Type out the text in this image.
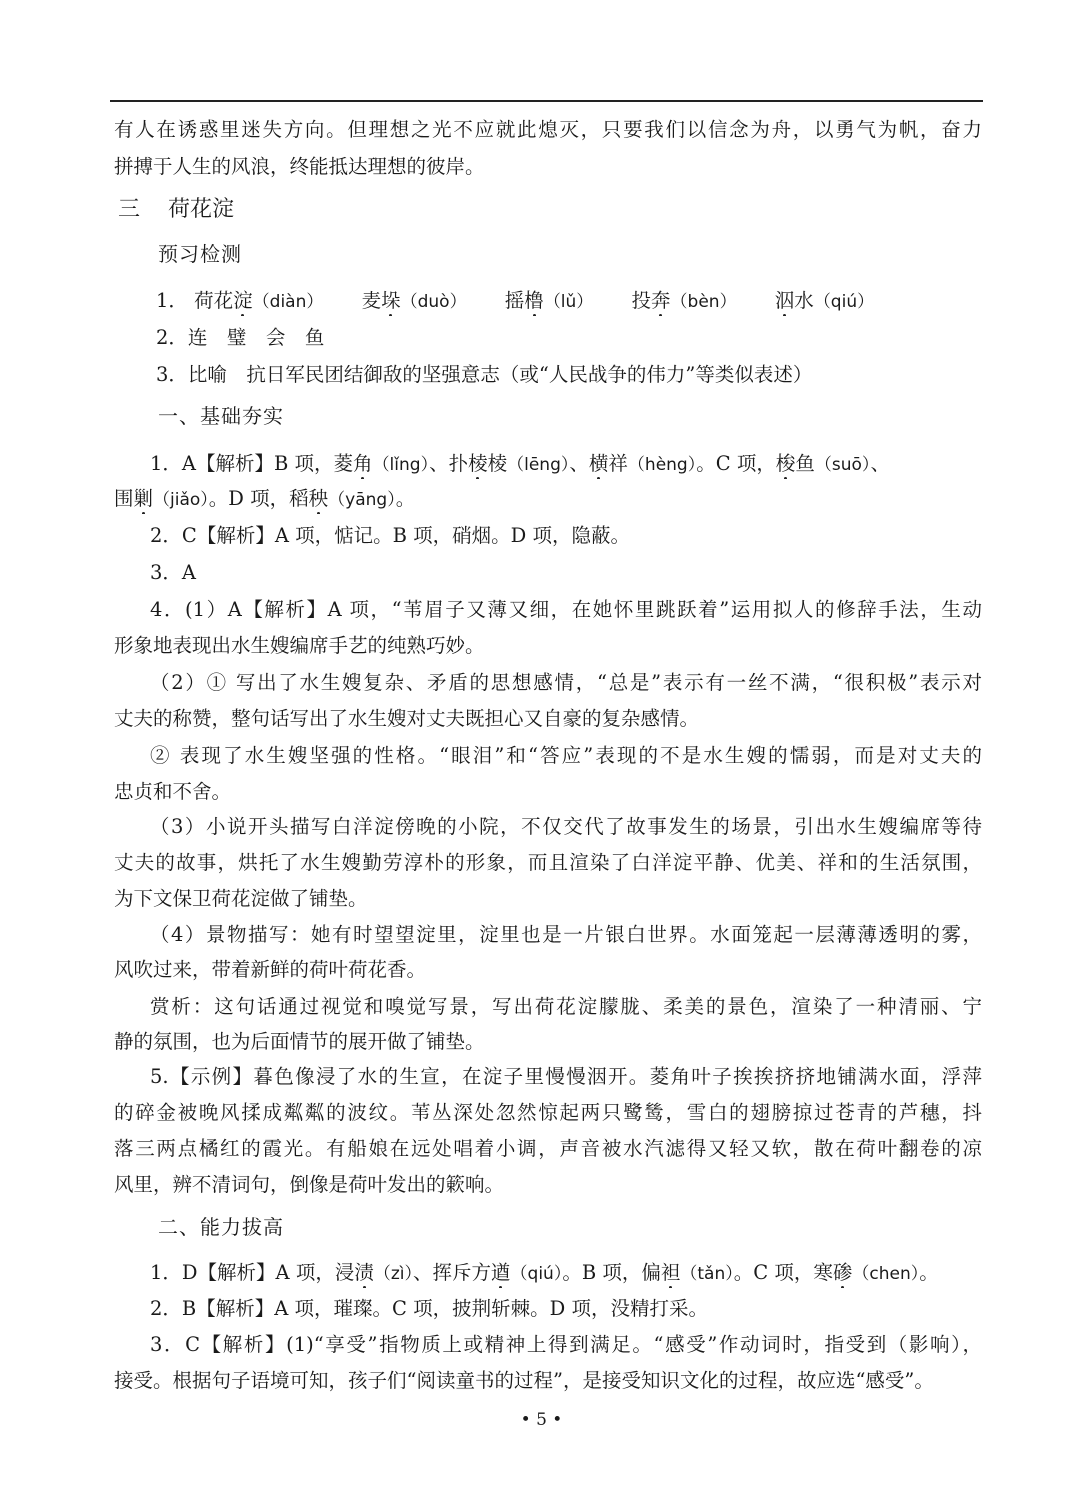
有人在诱惑里迷失方向。但理想之光不应就此熄灭，只要我们以信念为舟，以勇气为帆，奋力
拼搏于人生的风浪，终能抵达理想的彼岸。
三 荷花淀
预习检测
1． 荷花淀（diàn） 麦垛（duò） 摇橹（lǔ） 投奔（bèn） 泅水（qiú）
2．连　璧　会　鱼
3．比喻　抗日军民团结御敌的坚强意志（或“人民战争的伟力”等类似表述）
一、基础夯实
1．A【解析】B 项，菱角（lǐng）、扑棱棱（lēng）、横祥（hèng）。C 项，梭鱼（suō）、
围剿（jiǎo）。D 项，稻秧（yāng）。
2．C【解析】A 项，惦记。B 项，硝烟。D 项，隐蔽。
3．A
4．(1）A【解析】A 项，“苇眉子又薄又细，在她怀里跳跃着”运用拟人的修辞手法，生动
形象地表现出水生嫂编席手艺的纯熟巧妙。
（2）① 写出了水生嫂复杂、矛盾的思想感情，“总是”表示有一丝不满，“很积极”表示对
丈夫的称赞，整句话写出了水生嫂对丈夫既担心又自豪的复杂感情。
② 表现了水生嫂坚强的性格。“眼泪”和“答应”表现的不是水生嫂的懦弱，而是对丈夫的
忠贞和不舍。
（3）小说开头描写白洋淀傍晚的小院，不仅交代了故事发生的场景，引出水生嫂编席等待
丈夫的故事，烘托了水生嫂勤劳淳朴的形象，而且渲染了白洋淀平静、优美、祥和的生活氛围，
为下文保卫荷花淀做了铺垫。
（4）景物描写：她有时望望淀里，淀里也是一片银白世界。水面笼起一层薄薄透明的雾，
风吹过来，带着新鲜的荷叶荷花香。
赏析：这句话通过视觉和嗅觉写景，写出荷花淀朦胧、柔美的景色，渲染了一种清丽、宁
静的氛围，也为后面情节的展开做了铺垫。
5.【示例】暮色像浸了水的生宣，在淀子里慢慢洇开。菱角叶子挨挨挤挤地铺满水面，浮萍
的碎金被晚风揉成粼粼的波纹。苇丛深处忽然惊起两只鹭鸶，雪白的翅膀掠过苍青的芦穗，抖
落三两点橘红的霞光。有船娘在远处唱着小调，声音被水汽滤得又轻又软，散在荷叶翻卷的凉
风里，辨不清词句，倒像是荷叶发出的簌响。
二、能力拔高
1．D【解析】A 项，浸渍（zì）、挥斥方遒（qiú）。B 项，偏袒（tǎn）。C 项，寒碜（chen）。
2．B【解析】A 项，璀璨。C 项，披荆斩棘。D 项，没精打采。
3．C【解析】(1)“享受”指物质上或精神上得到满足。“感受”作动词时，指受到（影响），
接受。根据句子语境可知，孩子们“阅读童书的过程”，是接受知识文化的过程，故应选“感受”。
• 5 •
